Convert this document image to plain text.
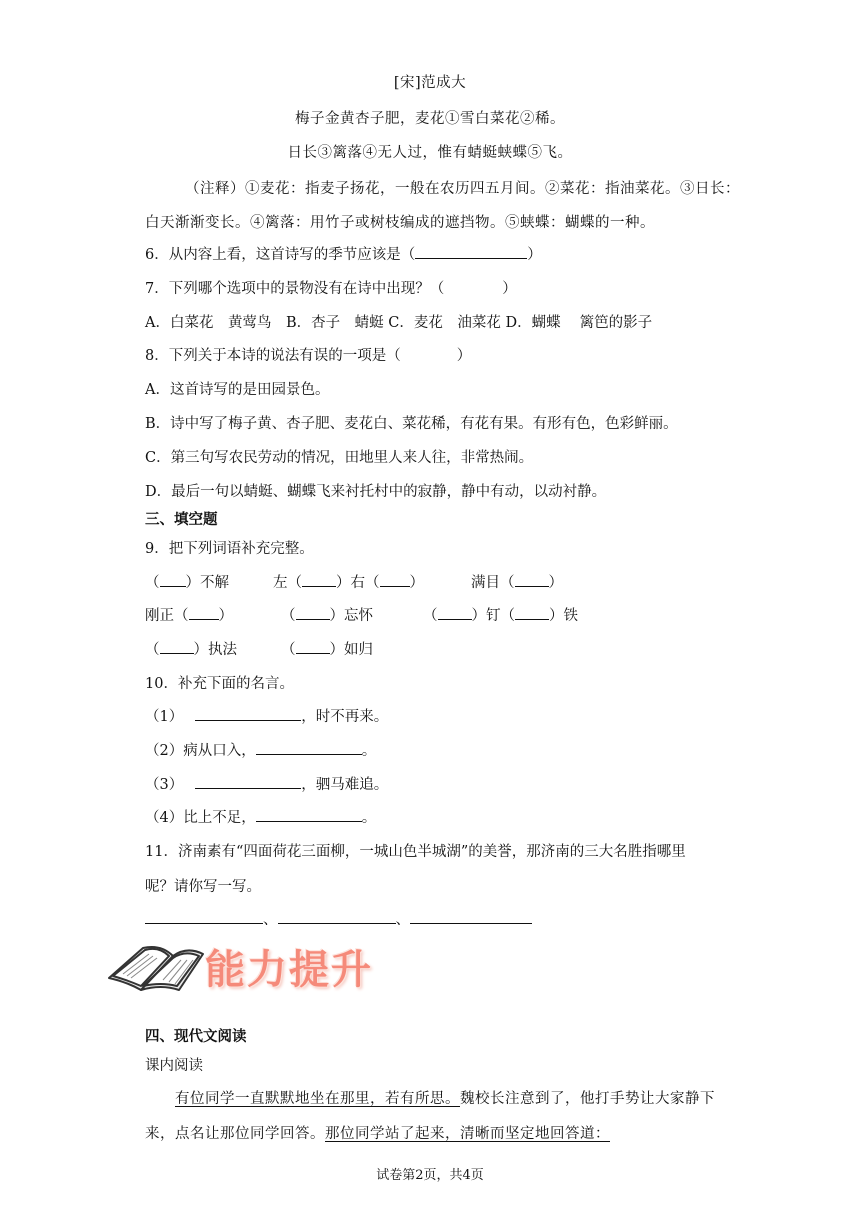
[宋]范成大
梅子金黄杏子肥，麦花①雪白菜花②稀。
日长③篱落④无人过，惟有蜻蜓蛱蝶⑤飞。
（注释）①麦花：指麦子扬花，一般在农历四五月间。②菜花：指油菜花。③日长：
白天渐渐变长。④篱落：用竹子或树枝编成的遮挡物。⑤蛱蝶：蝴蝶的一种。
6．从内容上看，这首诗写的季节应该是（	）
7．下列哪个选项中的景物没有在诗中出现？（	）
A．白菜花　黄莺鸟　B．杏子　蜻蜓 C．麦花　油菜花 D．蝴蝶　 篱笆的影子
8．下列关于本诗的说法有误的一项是（	）
A．这首诗写的是田园景色。
B．诗中写了梅子黄、杏子肥、麦花白、菜花稀，有花有果。有形有色，色彩鲜丽。
C．第三句写农民劳动的情况，田地里人来人往，非常热闹。
D．最后一句以蜻蜓、蝴蝶飞来衬托村中的寂静，静中有动，以动衬静。
三、填空题
9．把下列词语补充完整。
（ ）不解	左（ ）右（ ）	满目（ ）
刚正（ ）	（ ）忘怀	（ ）钉（ ）铁
（ ）执法	（ ）如归
10．补充下面的名言。
（1）	，时不再来。
（2）病从口入，	。
（3）	，驷马难追。
（4）比上不足，	。
11．济南素有“四面荷花三面柳，一城山色半城湖”的美誉，那济南的三大名胜指哪里
呢？请你写一写。
、	、
能力提升
四、现代文阅读
课内阅读
有位同学一直默默地坐在那里，若有所思。魏校长注意到了，他打手势让大家静下
来，点名让那位同学回答。那位同学站了起来，清晰而坚定地回答道：
试卷第2页，共4页
